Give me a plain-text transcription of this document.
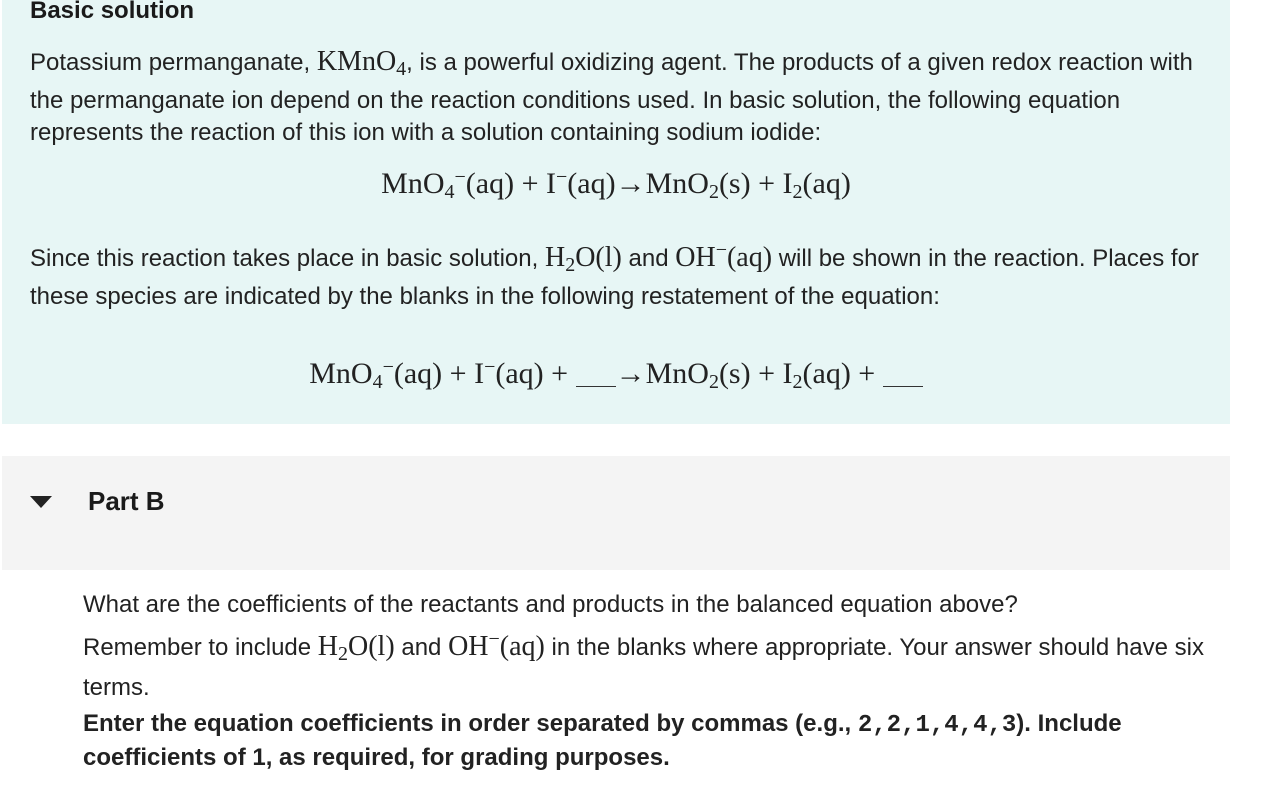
Basic solution
Potassium permanganate, KMnO$_4$, is a powerful oxidizing agent. The products of a given redox reaction with the permanganate ion depend on the reaction conditions used. In basic solution, the following equation represents the reaction of this ion with a solution containing sodium iodide:
$MnO_4^-(aq) + I^-(aq)\to MnO_2(s) + I_2(aq)$
Since this reaction takes place in basic solution, $H_2O(l)$ and OH−(aq) will be shown in the reaction. Places for these species are indicated by the blanks in the following restatement of the equation:
$MnO_4^-(aq) + I^-(aq) + \to MnO_2(s) + I_2(aq)$ +
Part B
What are the coefficients of the reactants and products in the balanced equation above?
Remember to include $H_2O(l)$ and OH−(aq) in the blanks where appropriate. Your answer should have six terms.
Enter the equation coefficients in order separated by commas (e.g., 2,2,1,4,4,3). Include coefficients of 1, as required, for grading purposes.
